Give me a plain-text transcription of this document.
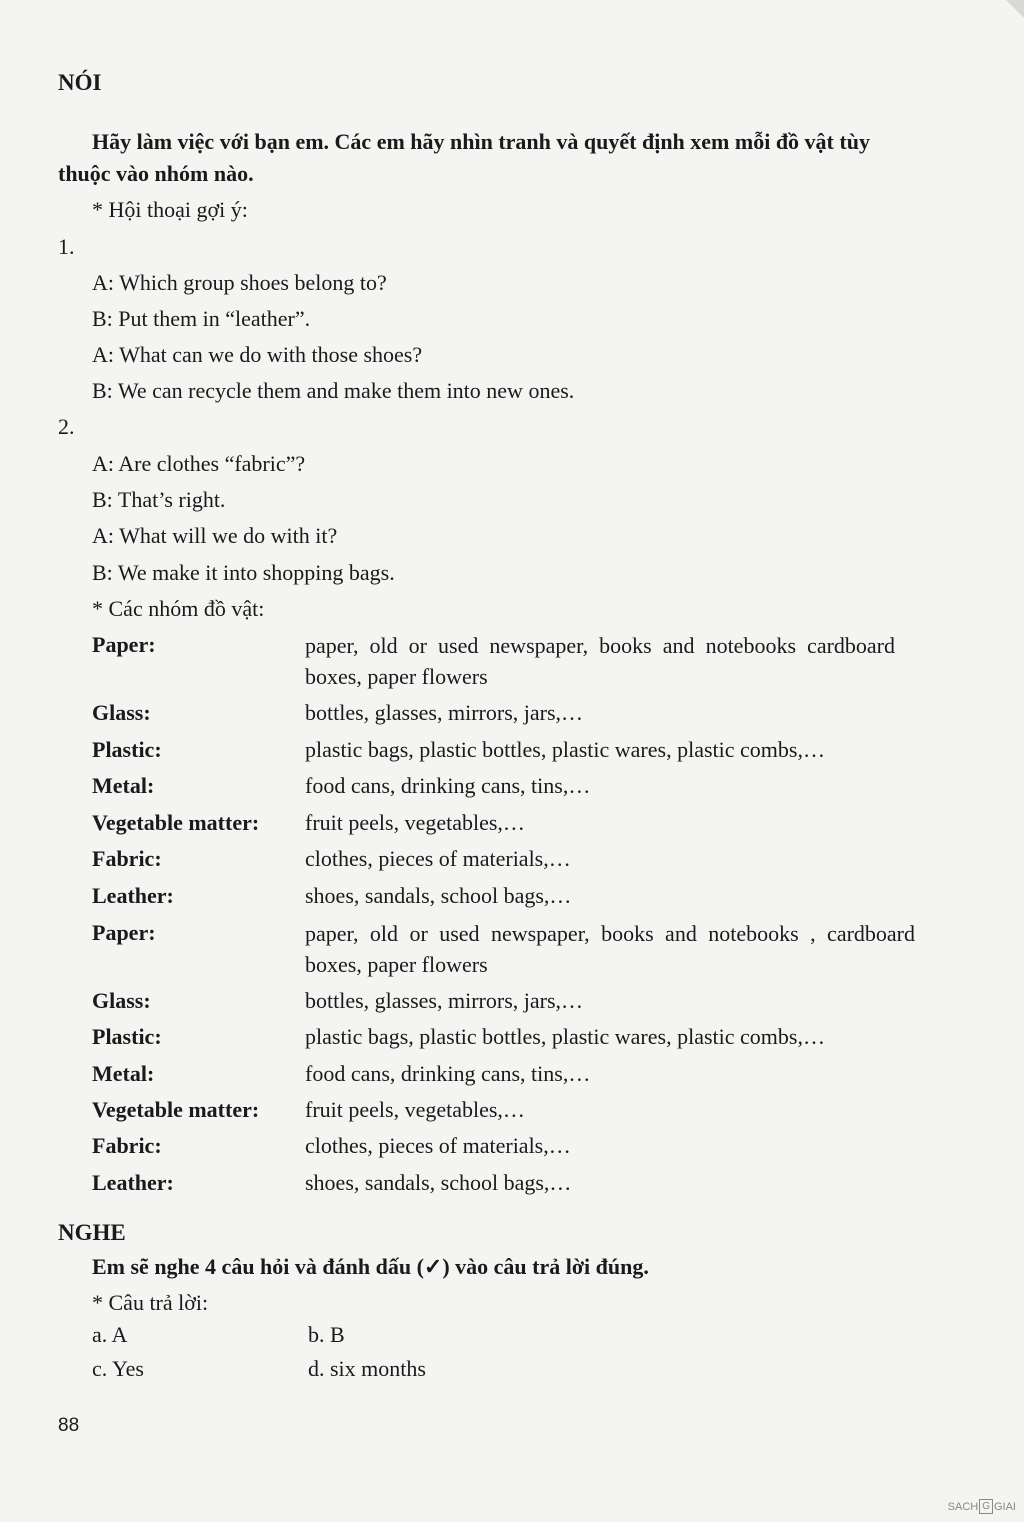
NÓI
Hãy làm việc với bạn em. Các em hãy nhìn tranh và quyết định xem mỗi đồ vật tùy thuộc vào nhóm nào.
* Hội thoại gợi ý:
1.
A: Which group shoes belong to?
B: Put them in “leather”.
A: What can we do with those shoes?
B: We can recycle them and make them into new ones.
2.
A: Are clothes “fabric”?
B: That’s right.
A: What will we do with it?
B: We make it into shopping bags.
* Các nhóm đồ vật:
Paper:	paper, old or used newspaper, books and notebooks cardboard boxes, paper flowers
Glass:	bottles, glasses, mirrors, jars,…
Plastic:	plastic bags, plastic bottles, plastic wares, plastic combs,…
Metal:	food cans, drinking cans, tins,…
Vegetable matter: fruit peels, vegetables,…
Fabric:	clothes, pieces of materials,…
Leather:	shoes, sandals, school bags,…
Paper:	paper, old or used newspaper, books and notebooks , cardboard boxes, paper flowers
Glass:	bottles, glasses, mirrors, jars,…
Plastic:	plastic bags, plastic bottles, plastic wares, plastic combs,…
Metal:	food cans, drinking cans, tins,…
Vegetable matter: fruit peels, vegetables,…
Fabric:	clothes, pieces of materials,…
Leather:	shoes, sandals, school bags,…
NGHE
Em sẽ nghe 4 câu hỏi và đánh dấu (✓) vào câu trả lời đúng.
* Câu trả lời:
a. A	b. B
c. Yes	d. six months
88
SACH G GIAI
